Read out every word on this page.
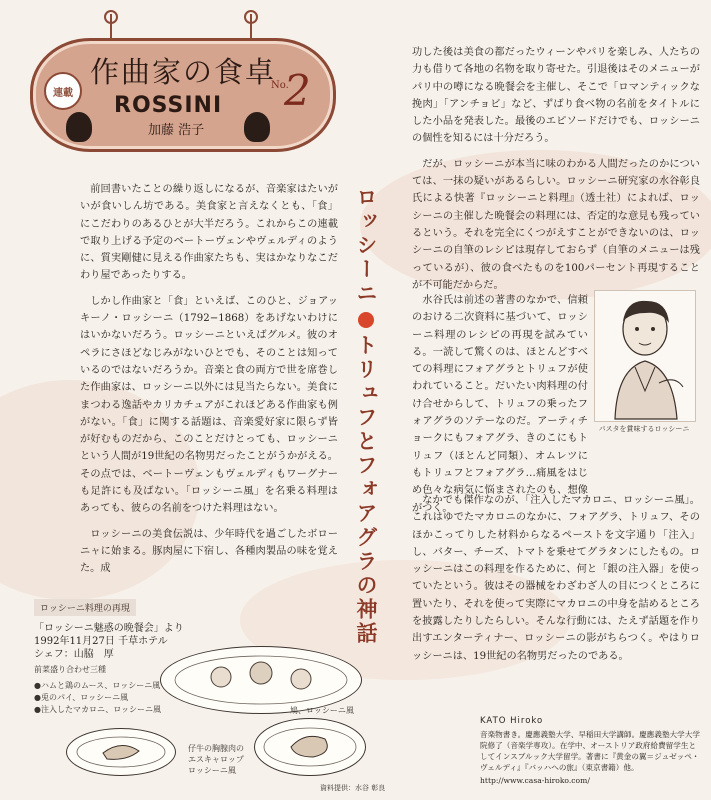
連載
作曲家の食卓
No.
2
ROSSINI
加藤 浩子

前回書いたことの繰り返しになるが、音楽家はたいがいが食いしん坊である。美食家と言えなくとも、「食」にこだわりのあるひとが大半だろう。これからこの連載で取り上げる予定のベートーヴェンやヴェルディのように、質実剛健に見える作曲家たちも、実はかなりなこだわり屋であったりする。

しかし作曲家と「食」といえば、このひと、ジョアッキーノ・ロッシーニ（1792−1868）をあげないわけにはいかないだろう。ロッシーニといえばグルメ。彼のオペラにさほどなじみがないひとでも、そのことは知っているのではないだろうか。音楽と食の両方で世を席巻した作曲家は、ロッシーニ以外には見当たらない。美食にまつわる逸話やカリカチュアがこれほどある作曲家も例がない。「食」に関する話題は、音楽愛好家に限らず皆が好むものだから、このことだけとっても、ロッシーニという人間が19世紀の名物男だったことがうかがえる。その点では、ベートーヴェンもヴェルディもワーグナーも足許にも及ばない。「ロッシーニ風」を名乗る料理はあっても、彼らの名前をつけた料理はない。

ロッシーニの美食伝説は、少年時代を過ごしたボローニャに始まる。豚肉屋に下宿し、各種肉製品の味を覚えた。成

ロッシーニトリュフとフォアグラの神話

功した後は美食の都だったウィーンやパリを楽しみ、人たちの力も借りて各地の名物を取り寄せた。引退後はそのメニューがパリ中の噂になる晩餐会を主催し、そこで「ロマンティックな挽肉」「アンチョビ」など、ずばり食べ物の名前をタイトルにした小品を発表した。最後のエピソードだけでも、ロッシーニの個性を知るには十分だろう。

だが、ロッシーニが本当に味のわかる人間だったのかについては、一抹の疑いがあるらしい。ロッシーニ研究家の水谷彰良氏による快著『ロッシーニと料理』（透土社）によれば、ロッシーニの主催した晩餐会の料理には、否定的な意見も残っているという。それを完全にくつがえすことができないのは、ロッシーニの自筆のレシピは現存しておらず（自筆のメニューは残っているが）、彼の食べたものを100パーセント再現することが不可能だからだ。

水谷氏は前述の著書のなかで、信頼のおける二次資料に基づいて、ロッシーニ料理のレシピの再現を試みている。一読して驚くのは、ほとんどすべての料理にフォアグラとトリュフが使われていること。だいたい肉料理の付け合せからして、トリュフの乗ったフォアグラのソテーなのだ。アーティチョークにもフォアグラ、きのこにもトリュフ（ほとんど同類）、オムレツにもトリュフとフォアグラ…痛風をはじめ色々な病気に悩まされたのも、想像がつく。

なかでも傑作なのが、「注入したマカロニ、ロッシーニ風」。これはゆでたマカロニのなかに、フォアグラ、トリュフ、そのほかこってりした材料からなるペーストを文字通り「注入」し、バター、チーズ、トマトを乗せてグラタンにしたもの。ロッシーニはこの料理を作るために、何と「銀の注入器」を使っていたという。彼はその器械をわざわざ人の目につくところに置いたり、それを使って実際にマカロニの中身を詰めるところを披露したりしたらしい。そんな行動には、たえず話題を作り出すエンターティナー、ロッシーニの影がちらつく。やはりロッシーニは、19世紀の名物男だったのである。

パスタを賞味するロッシーニ
ロッシーニ料理の再現
「ロッシーニ魅惑の晩餐会」より
1992年11月27日 千草ホテル
シェフ：山脇　厚
前菜盛り合わせ三種
●ハムと鶏のムース、ロッシーニ風
●兎のパイ、ロッシーニ風
●注入したマカロニ、ロッシーニ風	鳩、ロッシーニ風
仔牛の胸腺肉の
エスキャロップ
ロッシーニ風
資料提供：水谷 彰良
KATO Hiroko
音楽物書き。慶應義塾大学、早稲田大学講師。慶應義塾大学大学院修了（音楽学専攻）。在学中、オーストリア政府給費留学生としてインスブルック大学留学。著書に『黄金の翼＝ジュゼッペ・ヴェルディ』『バッハへの旅』（東京書籍）他。
http://www.casa-hiroko.com/
